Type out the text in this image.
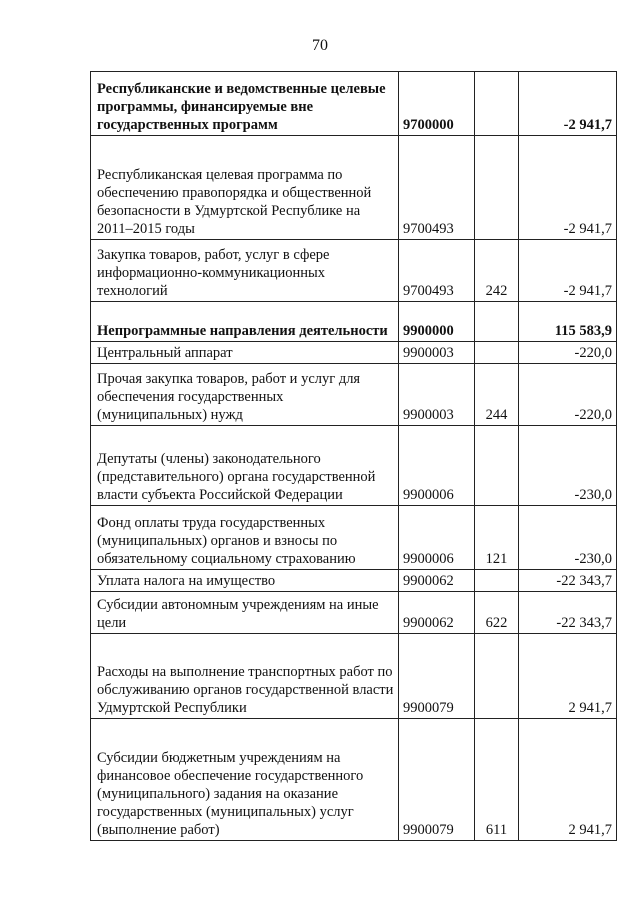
70
Республиканские и ведомственные целевые программы, финансируемые вне государственных программ	9700000		-2 941,7
Республиканская целевая программа по обеспечению правопорядка и общественной безопасности в Удмуртской Республике на 2011–2015 годы	9700493		-2 941,7
Закупка товаров, работ, услуг в сфере информационно-коммуникационных технологий	9700493	242	-2 941,7
Непрограммные направления деятельности	9900000		115 583,9
Центральный аппарат	9900003		-220,0
Прочая закупка товаров, работ и услуг для обеспечения государственных (муниципальных) нужд	9900003	244	-220,0
Депутаты (члены) законодательного (представительного) органа государственной власти субъекта Российской Федерации	9900006		-230,0
Фонд оплаты труда государственных (муниципальных) органов и взносы по обязательному социальному страхованию	9900006	121	-230,0
Уплата налога на имущество	9900062		-22 343,7
Субсидии автономным учреждениям на иные цели	9900062	622	-22 343,7
Расходы на выполнение транспортных работ по обслуживанию органов государственной власти Удмуртской Республики	9900079		2 941,7
Субсидии бюджетным учреждениям на финансовое обеспечение государственного (муниципального) задания на оказание государственных (муниципальных) услуг (выполнение работ)	9900079	611	2 941,7
